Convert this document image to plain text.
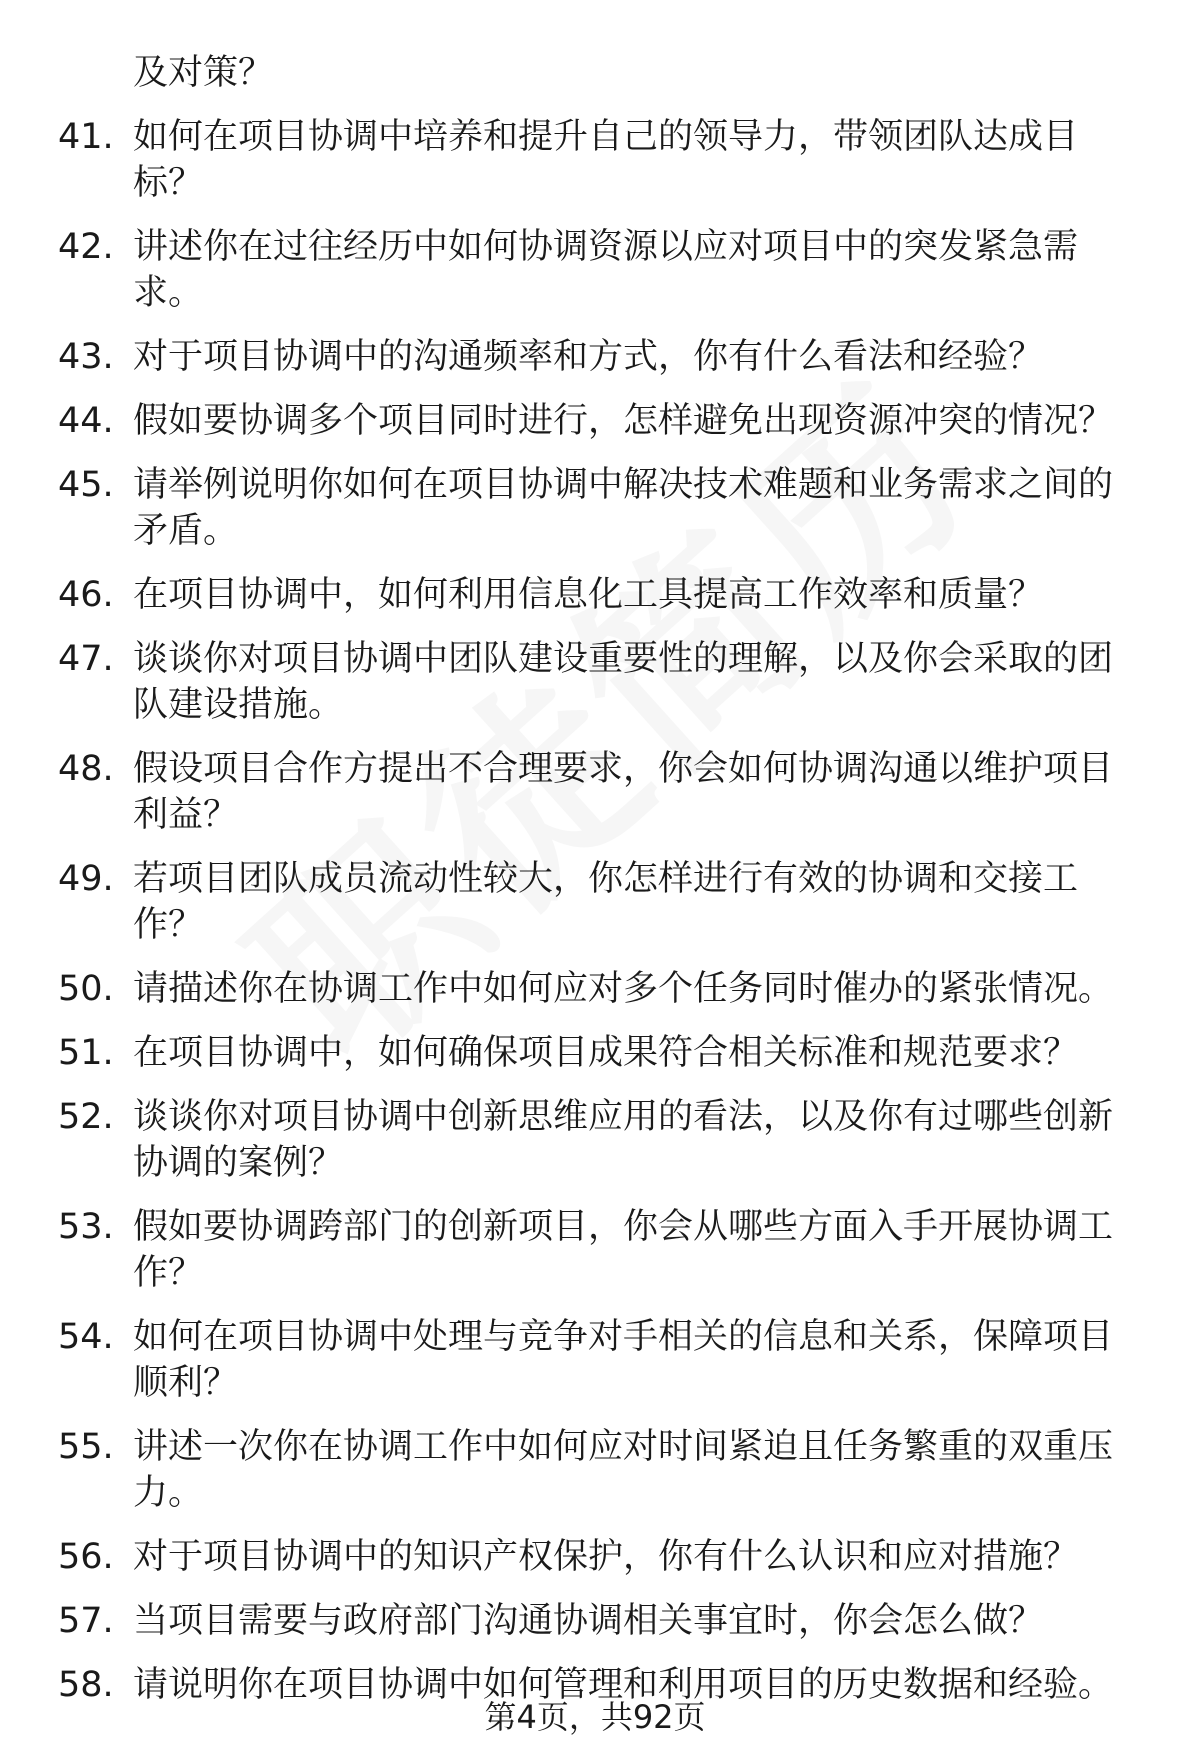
及对策？
41. 如何在项目协调中培养和提升自己的领导力，带领团队达成目标？
42. 讲述你在过往经历中如何协调资源以应对项目中的突发紧急需求。
43. 对于项目协调中的沟通频率和方式，你有什么看法和经验？
44. 假如要协调多个项目同时进行，怎样避免出现资源冲突的情况？
45. 请举例说明你如何在项目协调中解决技术难题和业务需求之间的矛盾。
46. 在项目协调中，如何利用信息化工具提高工作效率和质量？
47. 谈谈你对项目协调中团队建设重要性的理解，以及你会采取的团队建设措施。
48. 假设项目合作方提出不合理要求，你会如何协调沟通以维护项目利益？
49. 若项目团队成员流动性较大，你怎样进行有效的协调和交接工作？
50. 请描述你在协调工作中如何应对多个任务同时催办的紧张情况。
51. 在项目协调中，如何确保项目成果符合相关标准和规范要求？
52. 谈谈你对项目协调中创新思维应用的看法，以及你有过哪些创新协调的案例？
53. 假如要协调跨部门的创新项目，你会从哪些方面入手开展协调工作？
54. 如何在项目协调中处理与竞争对手相关的信息和关系，保障项目顺利？
55. 讲述一次你在协调工作中如何应对时间紧迫且任务繁重的双重压力。
56. 对于项目协调中的知识产权保护，你有什么认识和应对措施？
57. 当项目需要与政府部门沟通协调相关事宜时，你会怎么做？
58. 请说明你在项目协调中如何管理和利用项目的历史数据和经验。
第4页，共92页
